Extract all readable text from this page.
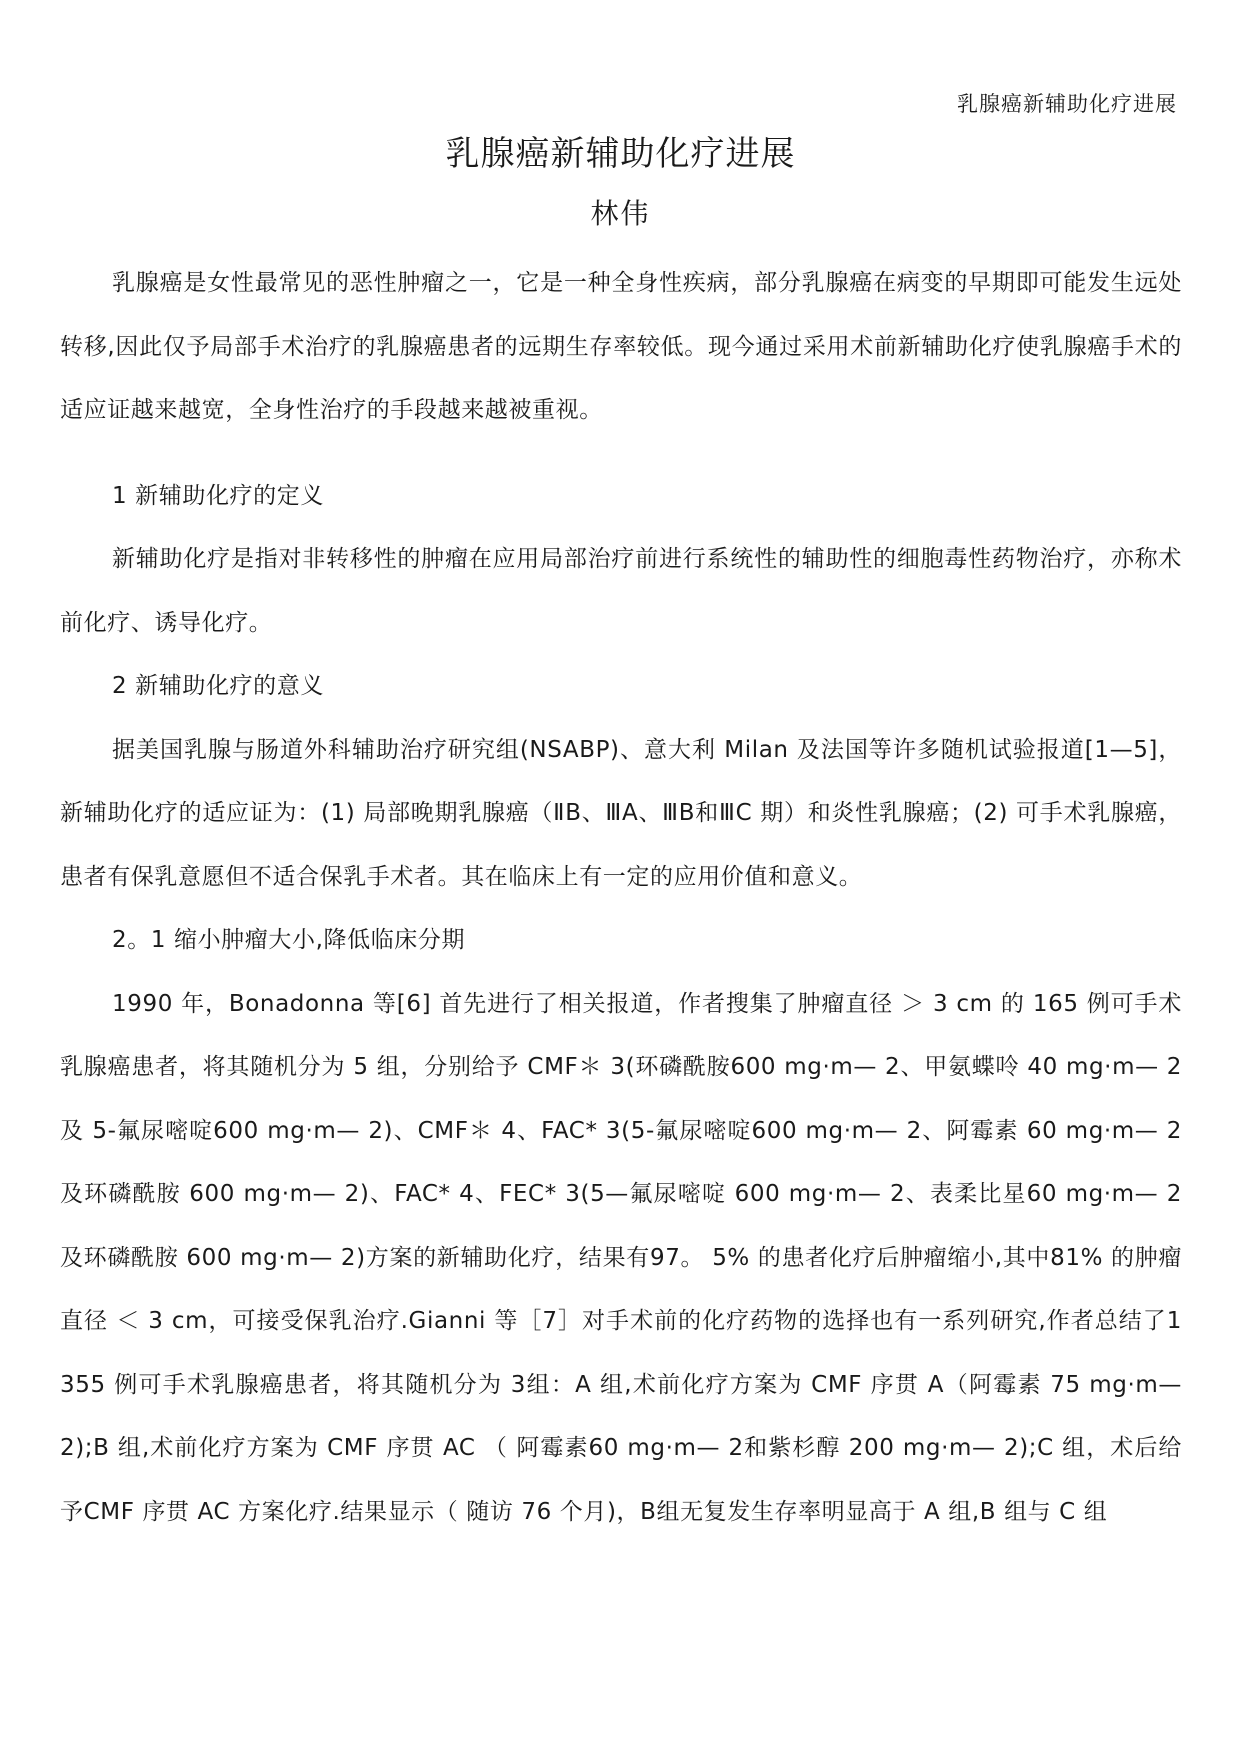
乳腺癌新辅助化疗进展
乳腺癌新辅助化疗进展
林伟

乳腺癌是女性最常见的恶性肿瘤之一，它是一种全身性疾病，部分乳腺癌在病变的早期即可能发生远处转移,因此仅予局部手术治疗的乳腺癌患者的远期生存率较低。现今通过采用术前新辅助化疗使乳腺癌手术的适应证越来越宽，全身性治疗的手段越来越被重视。

1 新辅助化疗的定义

新辅助化疗是指对非转移性的肿瘤在应用局部治疗前进行系统性的辅助性的细胞毒性药物治疗，亦称术前化疗、诱导化疗。

2 新辅助化疗的意义

据美国乳腺与肠道外科辅助治疗研究组(NSABP)、意大利 Milan 及法国等许多随机试验报道[1—5]，新辅助化疗的适应证为：(1) 局部晚期乳腺癌（ⅡB、ⅢA、ⅢB和ⅢC 期）和炎性乳腺癌；(2) 可手术乳腺癌，患者有保乳意愿但不适合保乳手术者。其在临床上有一定的应用价值和意义。

2。1 缩小肿瘤大小,降低临床分期

1990 年，Bonadonna 等[6] 首先进行了相关报道，作者搜集了肿瘤直径 ＞ 3 cm 的 165 例可手术乳腺癌患者，将其随机分为 5 组，分别给予 CMF＊ 3(环磷酰胺600 mg·m— 2、甲氨蝶呤 40 mg·m— 2及 5-氟尿嘧啶600 mg·m— 2)、CMF＊ 4、FAC* 3(5-氟尿嘧啶600 mg·m— 2、阿霉素 60 mg·m— 2及环磷酰胺 600 mg·m— 2)、FAC* 4、FEC* 3(5—氟尿嘧啶 600 mg·m— 2、表柔比星60 mg·m— 2及环磷酰胺 600 mg·m— 2)方案的新辅助化疗，结果有97。 5% 的患者化疗后肿瘤缩小,其中81% 的肿瘤直径 ＜ 3 cm，可接受保乳治疗.Gianni 等［7］对手术前的化疗药物的选择也有一系列研究,作者总结了1 355 例可手术乳腺癌患者，将其随机分为 3组：A 组,术前化疗方案为 CMF 序贯 A（阿霉素 75 mg·m— 2);B 组,术前化疗方案为 CMF 序贯 AC （ 阿霉素60 mg·m— 2和紫杉醇 200 mg·m— 2);C 组，术后给予CMF 序贯 AC 方案化疗.结果显示（ 随访 76 个月)，B组无复发生存率明显高于 A 组,B 组与 C 组
